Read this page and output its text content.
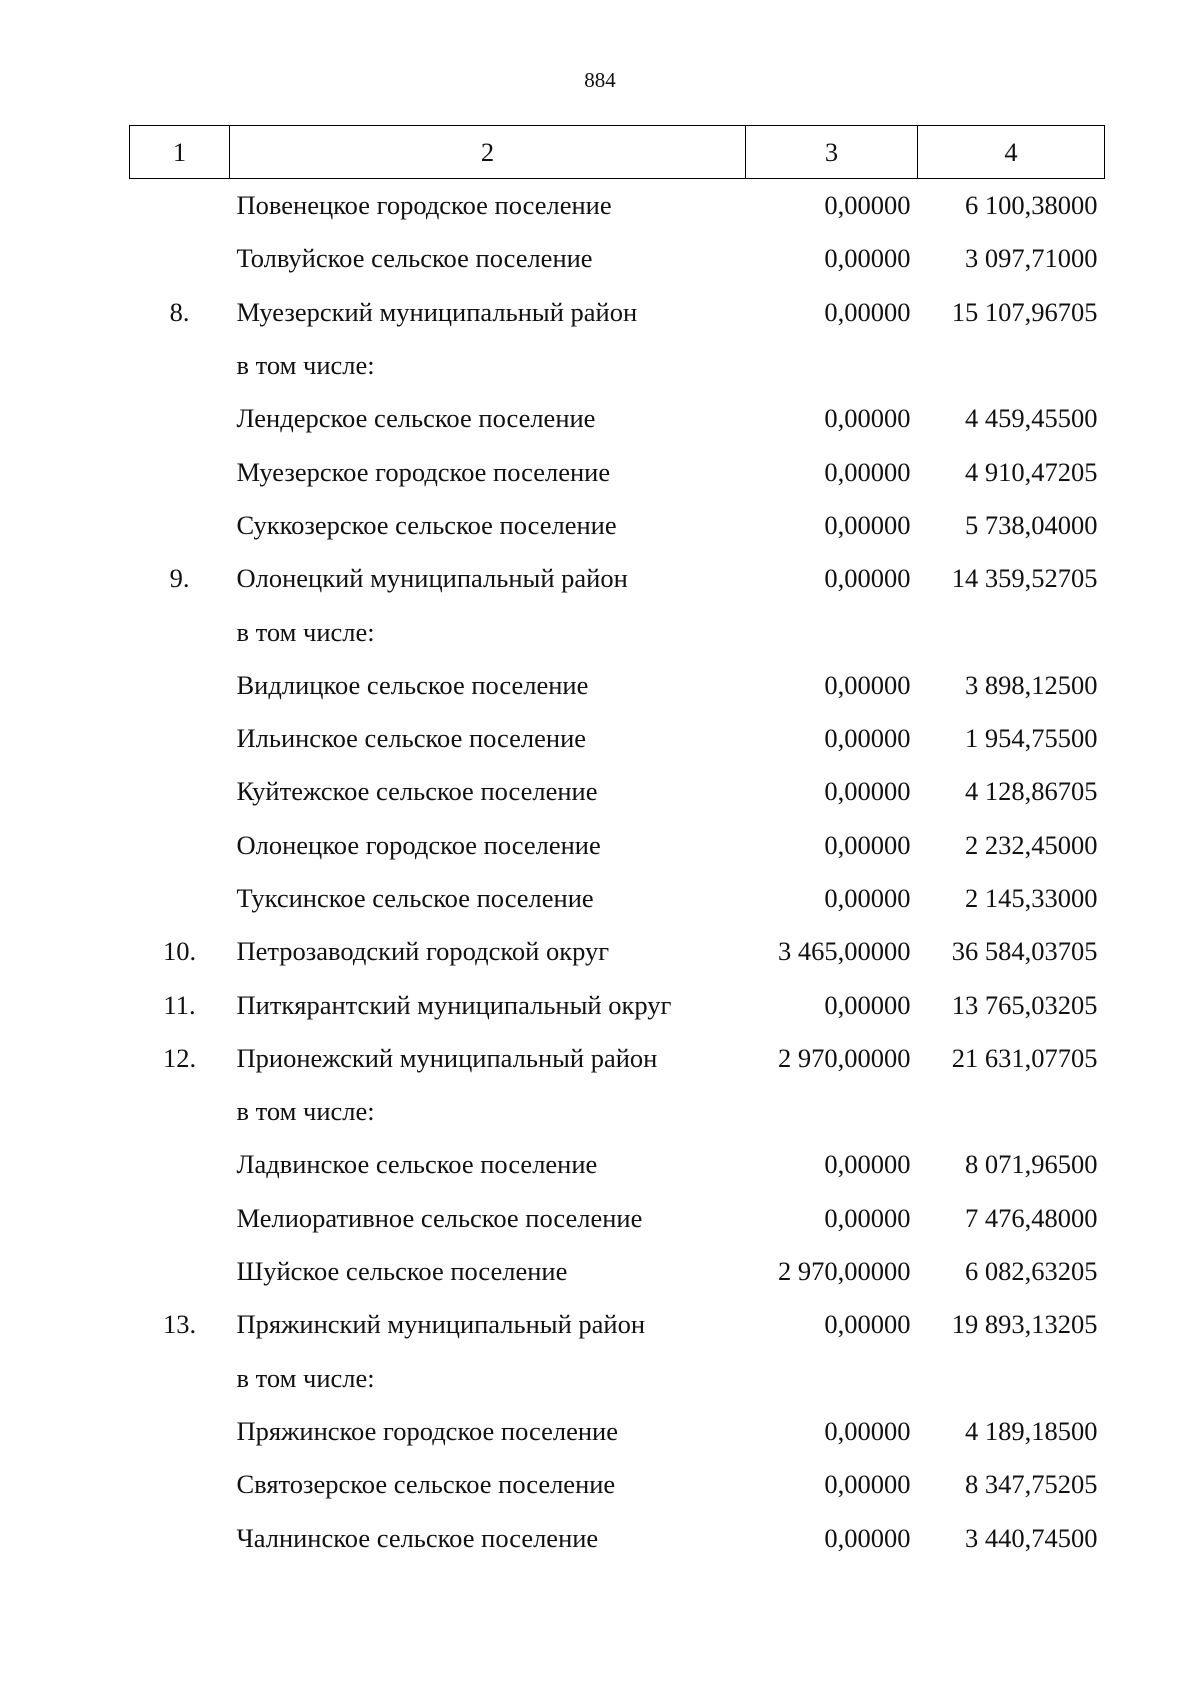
884
1	2	3	4
	Повенецкое городское поселение	0,00000	6 100,38000
	Толвуйское сельское поселение	0,00000	3 097,71000
8.	Муезерский муниципальный район	0,00000	15 107,96705
	в том числе:		
	Лендерское сельское поселение	0,00000	4 459,45500
	Муезерское городское поселение	0,00000	4 910,47205
	Суккозерское сельское поселение	0,00000	5 738,04000
9.	Олонецкий муниципальный район	0,00000	14 359,52705
	в том числе:		
	Видлицкое сельское поселение	0,00000	3 898,12500
	Ильинское сельское поселение	0,00000	1 954,75500
	Куйтежское сельское поселение	0,00000	4 128,86705
	Олонецкое городское поселение	0,00000	2 232,45000
	Туксинское сельское поселение	0,00000	2 145,33000
10.	Петрозаводский городской округ	3 465,00000	36 584,03705
11.	Питкярантский муниципальный округ	0,00000	13 765,03205
12.	Прионежский муниципальный район	2 970,00000	21 631,07705
	в том числе:		
	Ладвинское сельское поселение	0,00000	8 071,96500
	Мелиоративное сельское поселение	0,00000	7 476,48000
	Шуйское сельское поселение	2 970,00000	6 082,63205
13.	Пряжинский муниципальный район	0,00000	19 893,13205
	в том числе:		
	Пряжинское городское поселение	0,00000	4 189,18500
	Святозерское сельское поселение	0,00000	8 347,75205
	Чалнинское сельское поселение	0,00000	3 440,74500
